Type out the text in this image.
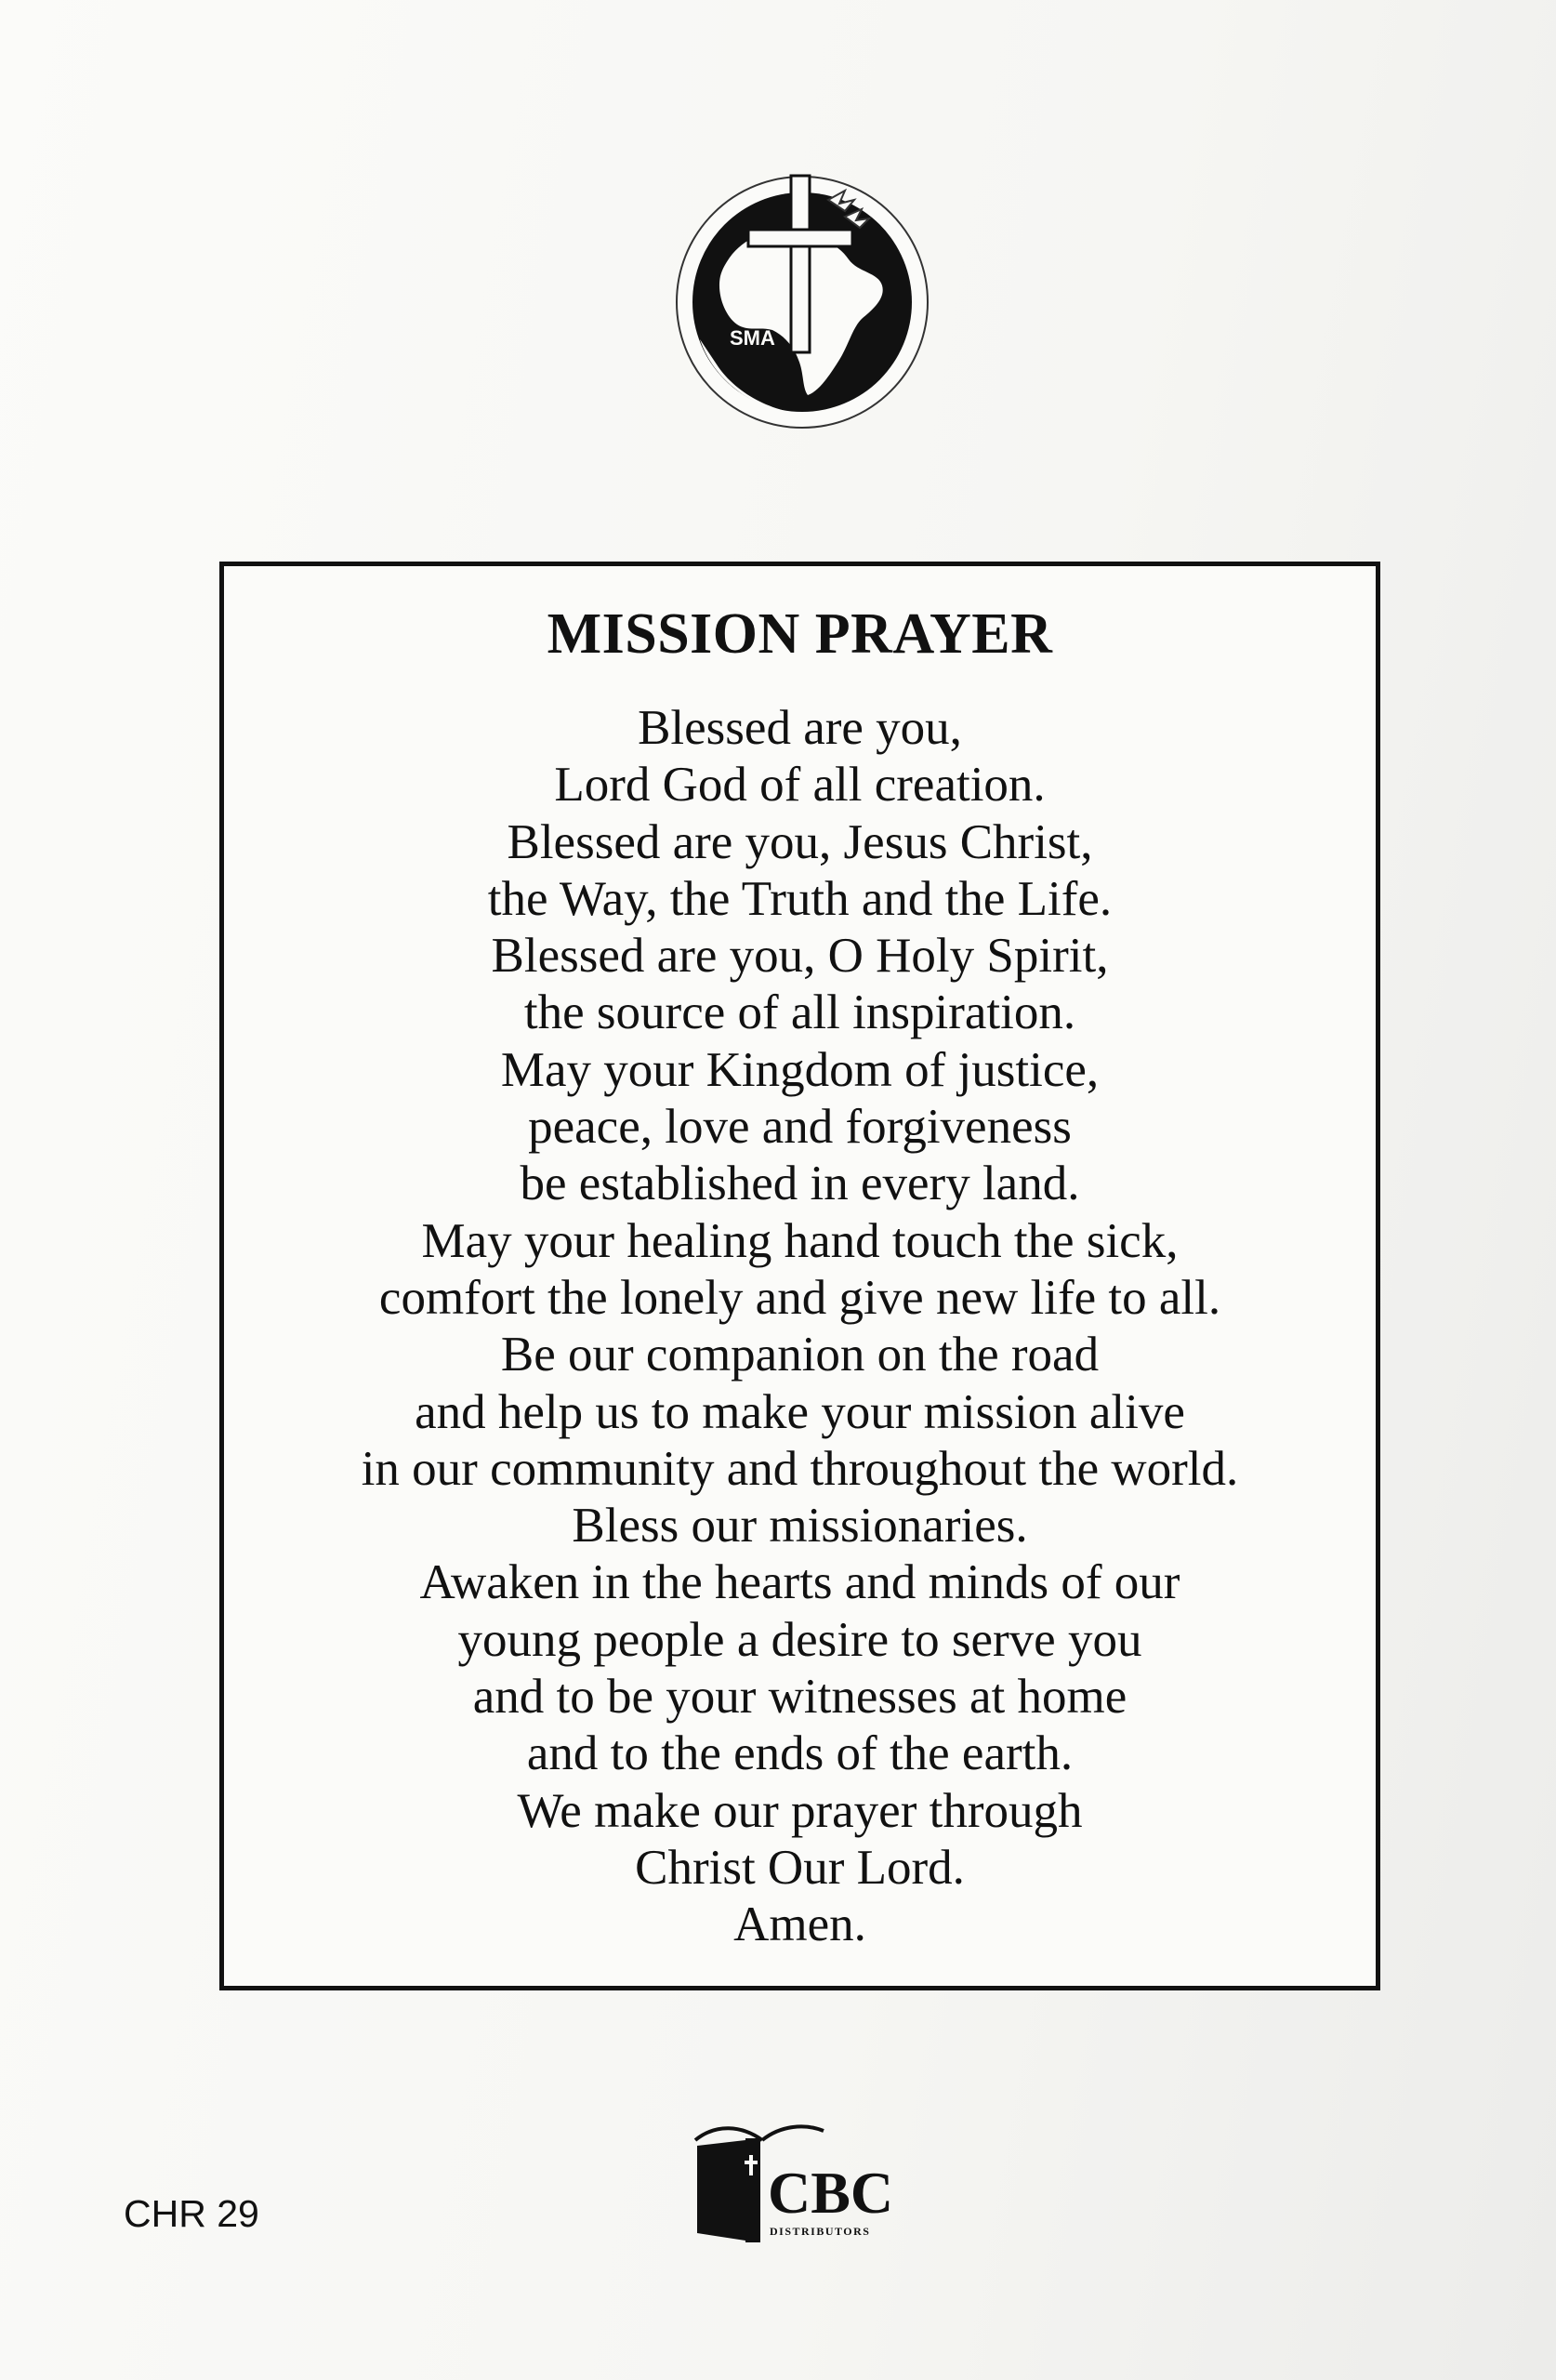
SMA
MISSION PRAYER
Blessed are you,
Lord God of all creation.
Blessed are you, Jesus Christ,
the Way, the Truth and the Life.
Blessed are you, O Holy Spirit,
the source of all inspiration.
May your Kingdom of justice,
peace, love and forgiveness
be established in every land.
May your healing hand touch the sick,
comfort the lonely and give new life to all.
Be our companion on the road
and help us to make your mission alive
in our community and throughout the world.
Bless our missionaries.
Awaken in the hearts and minds of our
young people a desire to serve you
and to be your witnesses at home
and to the ends of the earth.
We make our prayer through
Christ Our Lord.
Amen.
CHR 29	CBC
DISTRIBUTORS
